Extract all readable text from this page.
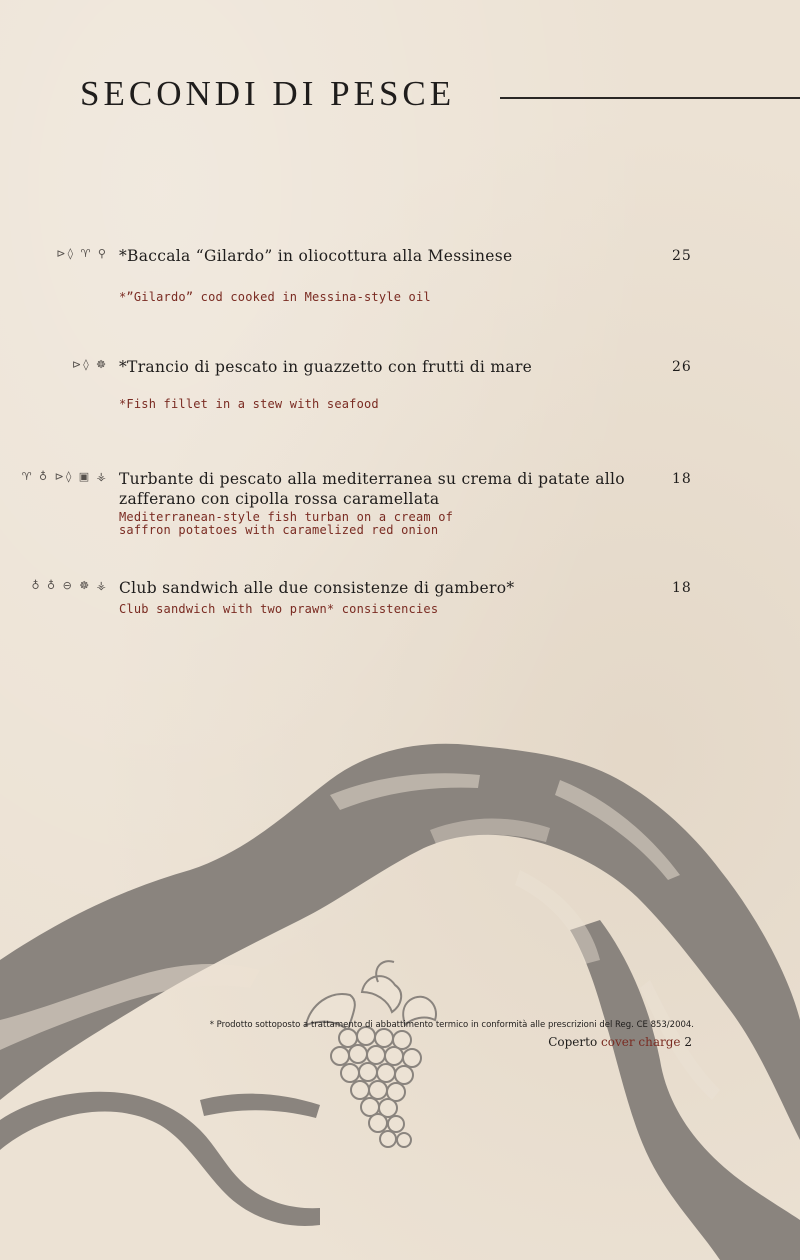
SECONDI DI PESCE
⊳◊ ♈ ⚲ *Baccala “Gilardo” in oliocottura alla Messinese
*”Gilardo” cod cooked in Messina-style oil
25
⊳◊ ☸ *Trancio di pescato in guazzetto con frutti di mare
*Fish fillet in a stew with seafood
26
♈ ♁ ⊳◊ ▣ ⚶ Turbante di pescato alla mediterranea su crema di patate allo zafferano con cipolla rossa caramellata
Mediterranean-style fish turban on a cream of saffron potatoes with caramelized red onion
18
♁ ♁ ⊖ ☸ ⚶ Club sandwich alle due consistenze di gambero*
Club sandwich with two prawn* consistencies
18
* Prodotto sottoposto a trattamento di abbattimento termico in conformità alle prescrizioni del Reg. CE 853/2004.
Coperto cover charge 2
